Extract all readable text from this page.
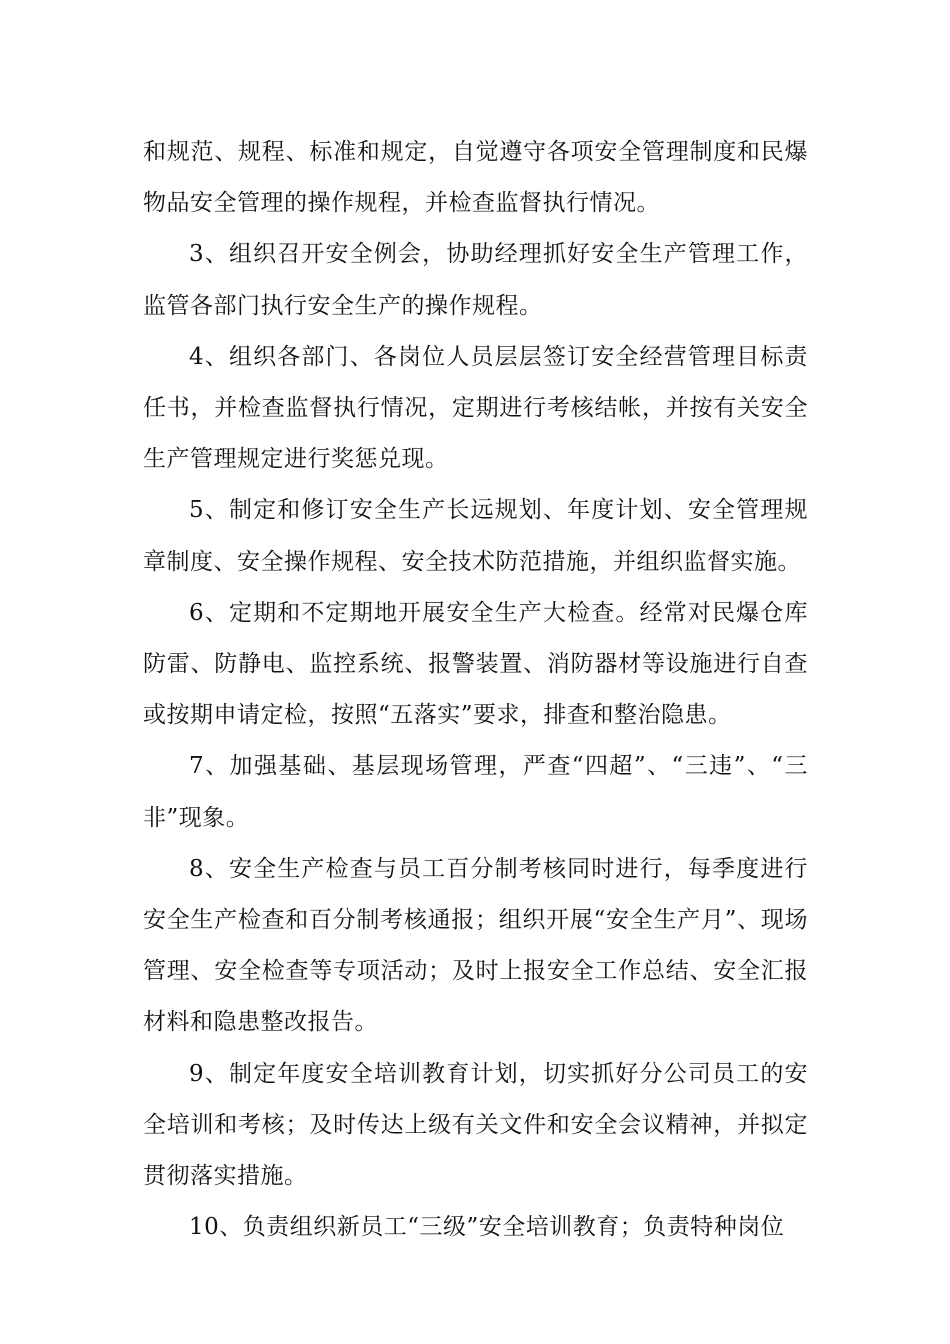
和规范、规程、标准和规定，自觉遵守各项安全管理制度和民爆物品安全管理的操作规程，并检查监督执行情况。

3、组织召开安全例会，协助经理抓好安全生产管理工作，监管各部门执行安全生产的操作规程。

4、组织各部门、各岗位人员层层签订安全经营管理目标责任书，并检查监督执行情况，定期进行考核结帐，并按有关安全生产管理规定进行奖惩兑现。

5、制定和修订安全生产长远规划、年度计划、安全管理规章制度、安全操作规程、安全技术防范措施，并组织监督实施。

6、定期和不定期地开展安全生产大检查。经常对民爆仓库防雷、防静电、监控系统、报警装置、消防器材等设施进行自查或按期申请定检，按照“五落实”要求，排查和整治隐患。

7、加强基础、基层现场管理，严查“四超”、“三违”、“三非”现象。

8、安全生产检查与员工百分制考核同时进行，每季度进行安全生产检查和百分制考核通报；组织开展“安全生产月”、现场管理、安全检查等专项活动；及时上报安全工作总结、安全汇报材料和隐患整改报告。

9、制定年度安全培训教育计划，切实抓好分公司员工的安全培训和考核；及时传达上级有关文件和安全会议精神，并拟定贯彻落实措施。

10、负责组织新员工“三级”安全培训教育；负责特种岗位
